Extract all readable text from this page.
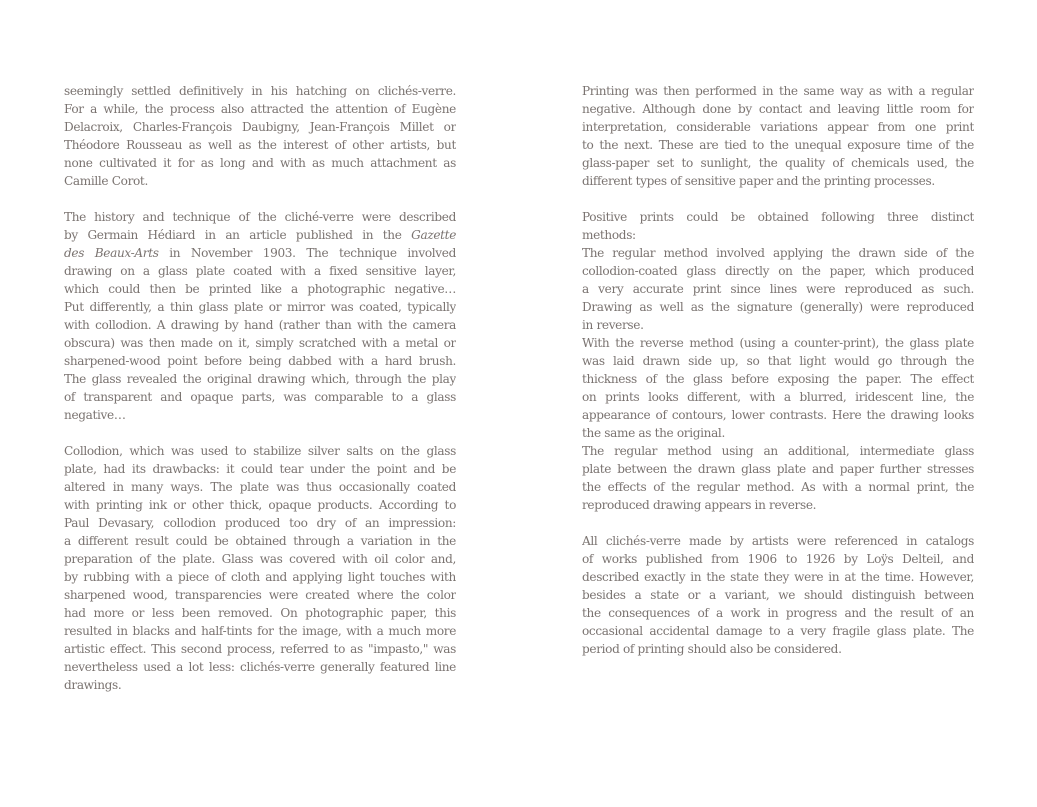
seemingly settled definitively in his hatching on clichés-verre.
For a while, the process also attracted the attention of Eugène
Delacroix, Charles-François Daubigny, Jean-François Millet or
Théodore Rousseau as well as the interest of other artists, but
none cultivated it for as long and with as much attachment as
Camille Corot.
The history and technique of the cliché-verre were described
by Germain Hédiard in an article published in the Gazette
des Beaux-Arts in November 1903. The technique involved
drawing on a glass plate coated with a fixed sensitive layer,
which could then be printed like a photographic negative…
Put differently, a thin glass plate or mirror was coated, typically
with collodion. A drawing by hand (rather than with the camera
obscura) was then made on it, simply scratched with a metal or
sharpened-wood point before being dabbed with a hard brush.
The glass revealed the original drawing which, through the play
of transparent and opaque parts, was comparable to a glass
negative…
Collodion, which was used to stabilize silver salts on the glass
plate, had its drawbacks: it could tear under the point and be
altered in many ways. The plate was thus occasionally coated
with printing ink or other thick, opaque products. According to
Paul Devasary, collodion produced too dry of an impression:
a different result could be obtained through a variation in the
preparation of the plate. Glass was covered with oil color and,
by rubbing with a piece of cloth and applying light touches with
sharpened wood, transparencies were created where the color
had more or less been removed. On photographic paper, this
resulted in blacks and half-tints for the image, with a much more
artistic effect. This second process, referred to as "impasto," was
nevertheless used a lot less: clichés-verre generally featured line
drawings.
Printing was then performed in the same way as with a regular
negative. Although done by contact and leaving little room for
interpretation, considerable variations appear from one print
to the next. These are tied to the unequal exposure time of the
glass-paper set to sunlight, the quality of chemicals used, the
different types of sensitive paper and the printing processes.
Positive prints could be obtained following three distinct
methods:
The regular method involved applying the drawn side of the
collodion-coated glass directly on the paper, which produced
a very accurate print since lines were reproduced as such.
Drawing as well as the signature (generally) were reproduced
in reverse.
With the reverse method (using a counter-print), the glass plate
was laid drawn side up, so that light would go through the
thickness of the glass before exposing the paper. The effect
on prints looks different, with a blurred, iridescent line, the
appearance of contours, lower contrasts. Here the drawing looks
the same as the original.
The regular method using an additional, intermediate glass
plate between the drawn glass plate and paper further stresses
the effects of the regular method. As with a normal print, the
reproduced drawing appears in reverse.
All clichés-verre made by artists were referenced in catalogs
of works published from 1906 to 1926 by Loÿs Delteil, and
described exactly in the state they were in at the time. However,
besides a state or a variant, we should distinguish between
the consequences of a work in progress and the result of an
occasional accidental damage to a very fragile glass plate. The
period of printing should also be considered.
